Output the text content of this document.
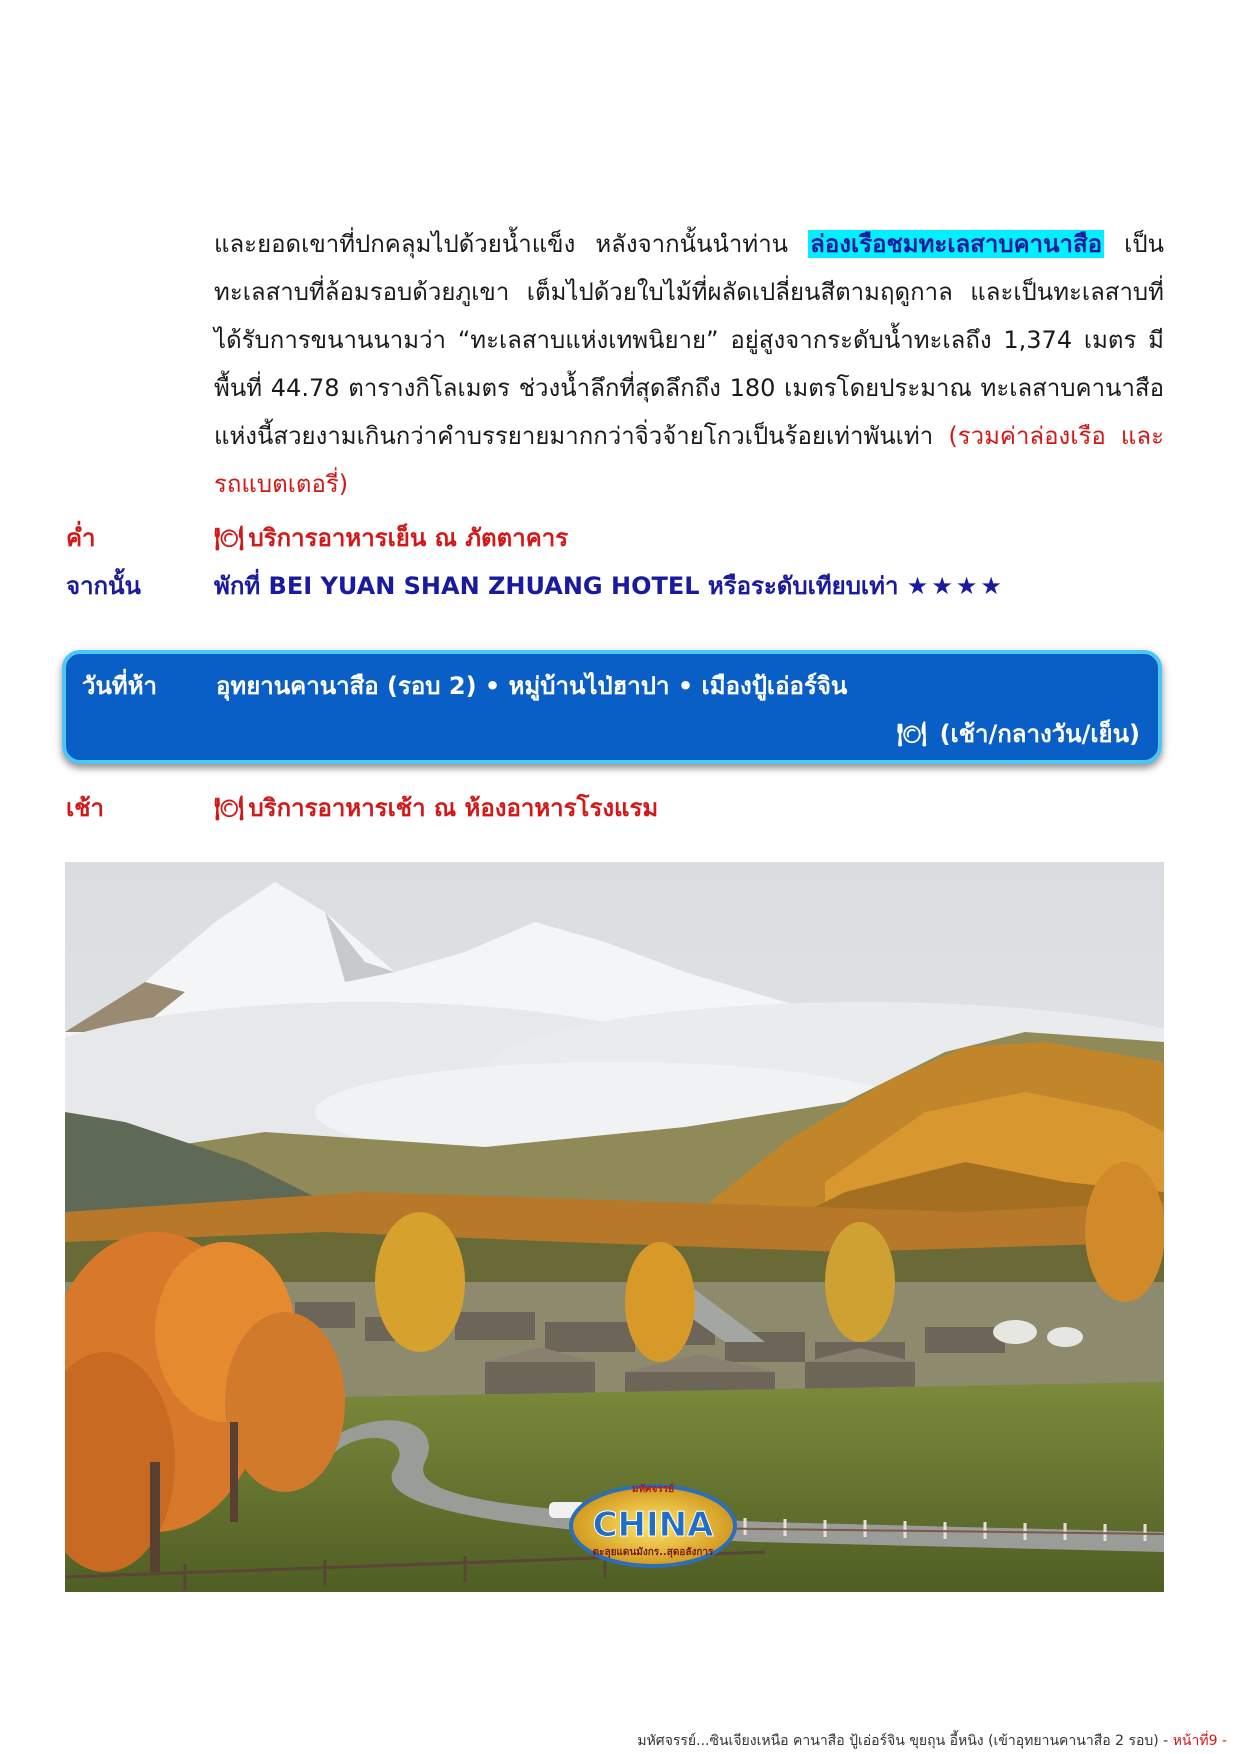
และยอดเขาที่ปกคลุมไปด้วยน้ำแข็ง หลังจากนั้นนำท่าน ล่องเรือชมทะเลสาบคานาสือ เป็นทะเลสาบที่ล้อมรอบด้วยภูเขา เต็มไปด้วยใบไม้ที่ผลัดเปลี่ยนสีตามฤดูกาล และเป็นทะเลสาบที่ได้รับการขนานนามว่า “ทะเลสาบแห่งเทพนิยาย” อยู่สูงจากระดับน้ำทะเลถึง 1,374 เมตร มีพื้นที่ 44.78 ตารางกิโลเมตร ช่วงน้ำลึกที่สุดลึกถึง 180 เมตรโดยประมาณ ทะเลสาบคานาสือแห่งนี้สวยงามเกินกว่าคำบรรยายมากกว่าจิ่วจ้ายโกวเป็นร้อยเท่าพันเท่า (รวมค่าล่องเรือ และรถแบตเตอรี่)
ค่ำ	🍽 บริการอาหารเย็น ณ ภัตตาคาร
จากนั้น	พักที่ BEI YUAN SHAN ZHUANG HOTEL หรือระดับเทียบเท่า ★★★★
วันที่ห้า อุทยานคานาสือ (รอบ 2) • หมู่บ้านไป่ฮาปา • เมืองปู้เอ่อร์จิน
🍽 (เช้า/กลางวัน/เย็น)
เช้า	🍽 บริการอาหารเช้า ณ ห้องอาหารโรงแรม
มหัศจรรย์
CHINA
ตะลุยแดนมังกร..สุดอลังการ
มหัศจรรย์...ซินเจียงเหนือ คานาสือ ปู้เอ่อร์จิน ขุยถุน อี้หนิง (เข้าอุทยานคานาสือ 2 รอบ) - หน้าที่9 -
